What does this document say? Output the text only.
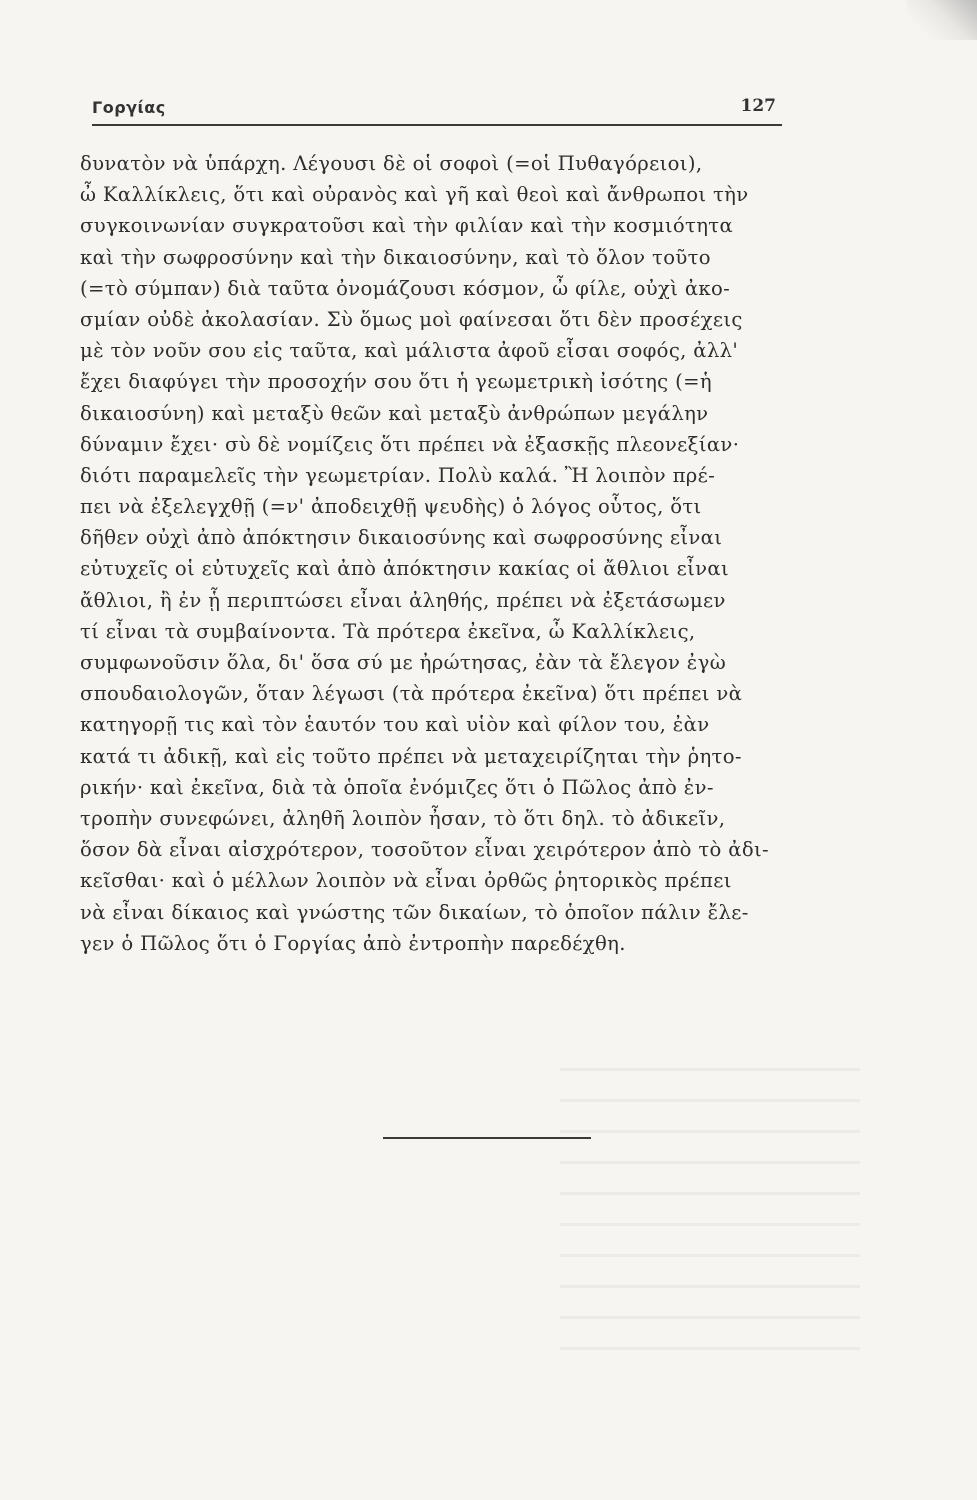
Γοργίας	127
δυνατὸν νὰ ὑπάρχη. Λέγουσι δὲ οἱ σοφοὶ (=οἱ Πυθαγόρειοι),
ὦ Καλλίκλεις, ὅτι καὶ οὐρανὸς καὶ γῆ καὶ θεοὶ καὶ ἄνθρωποι τὴν
συγκοινωνίαν συγκρατοῦσι καὶ τὴν φιλίαν καὶ τὴν κοσμιότητα
καὶ τὴν σωφροσύνην καὶ τὴν δικαιοσύνην, καὶ τὸ ὅλον τοῦτο
(=τὸ σύμπαν) διὰ ταῦτα ὀνομάζουσι κόσμον, ὦ φίλε, οὐχὶ ἀκο-
σμίαν οὐδὲ ἀκολασίαν. Σὺ ὅμως μοὶ φαίνεσαι ὅτι δὲν προσέχεις
μὲ τὸν νοῦν σου εἰς ταῦτα, καὶ μάλιστα ἀφοῦ εἶσαι σοφός, ἀλλ'
ἔχει διαφύγει τὴν προσοχήν σου ὅτι ἡ γεωμετρικὴ ἰσότης (=ἡ
δικαιοσύνη) καὶ μεταξὺ θεῶν καὶ μεταξὺ ἀνθρώπων μεγάλην
δύναμιν ἔχει· σὺ δὲ νομίζεις ὅτι πρέπει νὰ ἐξασκῇς πλεονεξίαν·
διότι παραμελεῖς τὴν γεωμετρίαν. Πολὺ καλά. Ἢ λοιπὸν πρέ-
πει νὰ ἐξελεγχθῇ (=ν' ἀποδειχθῇ ψευδὴς) ὁ λόγος οὗτος, ὅτι
δῆθεν οὐχὶ ἀπὸ ἀπόκτησιν δικαιοσύνης καὶ σωφροσύνης εἶναι
εὐτυχεῖς οἱ εὐτυχεῖς καὶ ἀπὸ ἀπόκτησιν κακίας οἱ ἄθλιοι εἶναι
ἄθλιοι, ἢ ἐν ᾗ περιπτώσει εἶναι ἀληθής, πρέπει νὰ ἐξετάσωμεν
τί εἶναι τὰ συμβαίνοντα. Τὰ πρότερα ἐκεῖνα, ὦ Καλλίκλεις,
συμφωνοῦσιν ὅλα, δι' ὅσα σύ με ἠρώτησας, ἐὰν τὰ ἔλεγον ἐγὼ
σπουδαιολογῶν, ὅταν λέγωσι (τὰ πρότερα ἐκεῖνα) ὅτι πρέπει νὰ
κατηγορῇ τις καὶ τὸν ἑαυτόν του καὶ υἱὸν καὶ φίλον του, ἐὰν
κατά τι ἀδικῇ, καὶ εἰς τοῦτο πρέπει νὰ μεταχειρίζηται τὴν ῥητο-
ρικήν· καὶ ἐκεῖνα, διὰ τὰ ὁποῖα ἐνόμιζες ὅτι ὁ Πῶλος ἀπὸ ἐν-
τροπὴν συνεφώνει, ἀληθῆ λοιπὸν ἦσαν, τὸ ὅτι δηλ. τὸ ἀδικεῖν,
ὅσον δὰ εἶναι αἰσχρότερον, τοσοῦτον εἶναι χειρότερον ἀπὸ τὸ ἀδι-
κεῖσθαι· καὶ ὁ μέλλων λοιπὸν νὰ εἶναι ὀρθῶς ῥητορικὸς πρέπει
νὰ εἶναι δίκαιος καὶ γνώστης τῶν δικαίων, τὸ ὁποῖον πάλιν ἔλε-
γεν ὁ Πῶλος ὅτι ὁ Γοργίας ἀπὸ ἐντροπὴν παρεδέχθη.
